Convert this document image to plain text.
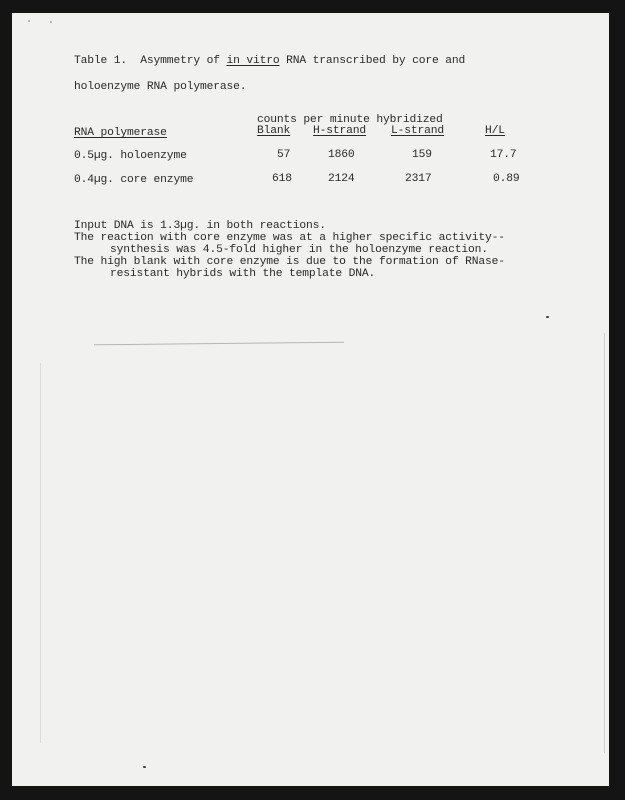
Table 1.  Asymmetry of in vitro RNA transcribed by core and
holoenzyme RNA polymerase.
counts per minute hybridized
RNA polymerase	Blank H-strand L-strand	H/L
0.5µg. holoenzyme	57	1860	159	17.7
0.4µg. core enzyme	618	2124	2317	0.89
Input DNA is 1.3µg. in both reactions.
The reaction with core enzyme was at a higher specific activity--
synthesis was 4.5-fold higher in the holoenzyme reaction.
The high blank with core enzyme is due to the formation of RNase-
resistant hybrids with the template DNA.
